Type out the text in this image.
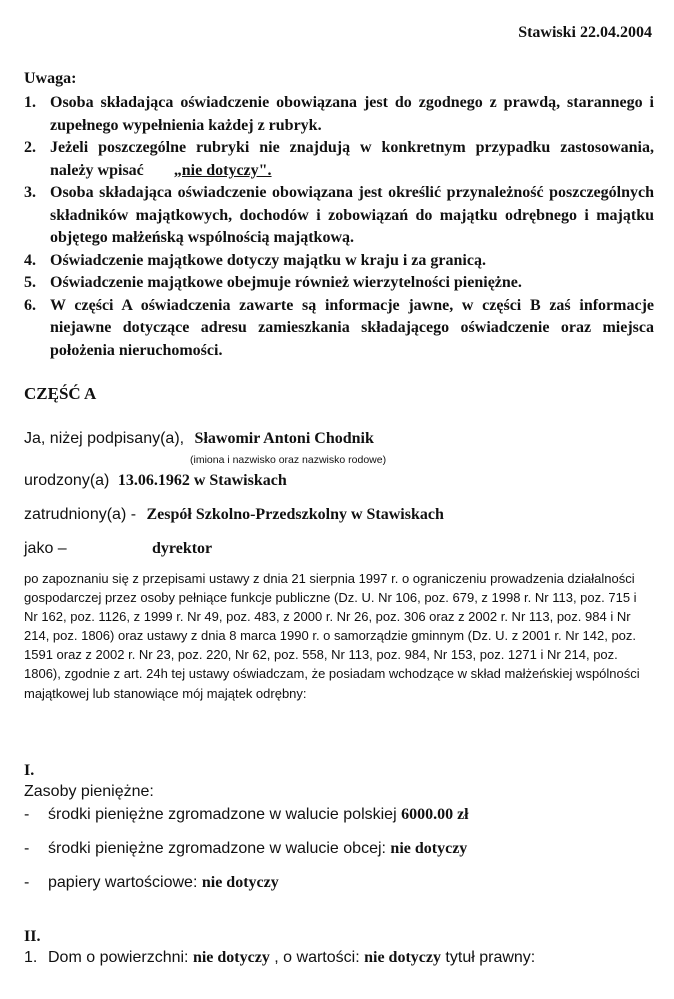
Stawiski 22.04.2004
Uwaga:
1. Osoba składająca oświadczenie obowiązana jest do zgodnego z prawdą, starannego i zupełnego wypełnienia każdej z rubryk.
2. Jeżeli poszczególne rubryki nie znajdują w konkretnym przypadku zastosowania, należy wpisać „nie dotyczy".
3. Osoba składająca oświadczenie obowiązana jest określić przynależność poszczególnych składników majątkowych, dochodów i zobowiązań do majątku odrębnego i majątku objętego małżeńską wspólnością majątkową.
4. Oświadczenie majątkowe dotyczy majątku w kraju i za granicą.
5. Oświadczenie majątkowe obejmuje również wierzytelności pieniężne.
6. W części A oświadczenia zawarte są informacje jawne, w części B zaś informacje niejawne dotyczące adresu zamieszkania składającego oświadczenie oraz miejsca położenia nieruchomości.
CZĘŚĆ A
Ja, niżej podpisany(a), Sławomir Antoni Chodnik
(imiona i nazwisko oraz nazwisko rodowe)
urodzony(a) 13.06.1962 w Stawiskach
zatrudniony(a) - Zespół Szkolno-Przedszkolny w Stawiskach
jako –	dyrektor
po zapoznaniu się z przepisami ustawy z dnia 21 sierpnia 1997 r. o ograniczeniu prowadzenia działalności gospodarczej przez osoby pełniące funkcje publiczne (Dz. U. Nr 106, poz. 679, z 1998 r. Nr 113, poz. 715 i Nr 162, poz. 1126, z 1999 r. Nr 49, poz. 483, z 2000 r. Nr 26, poz. 306 oraz z 2002 r. Nr 113, poz. 984 i Nr 214, poz. 1806) oraz ustawy z dnia 8 marca 1990 r. o samorządzie gminnym (Dz. U. z 2001 r. Nr 142, poz. 1591 oraz z 2002 r. Nr 23, poz. 220, Nr 62, poz. 558, Nr 113, poz. 984, Nr 153, poz. 1271 i Nr 214, poz. 1806), zgodnie z art. 24h tej ustawy oświadczam, że posiadam wchodzące w skład małżeńskiej wspólności majątkowej lub stanowiące mój majątek odrębny:
I.
Zasoby pieniężne:
- środki pieniężne zgromadzone w walucie polskiej 6000.00 zł
- środki pieniężne zgromadzone w walucie obcej: nie dotyczy
- papiery wartościowe: nie dotyczy
II.
1. Dom o powierzchni: nie dotyczy , o wartości: nie dotyczy tytuł prawny:
